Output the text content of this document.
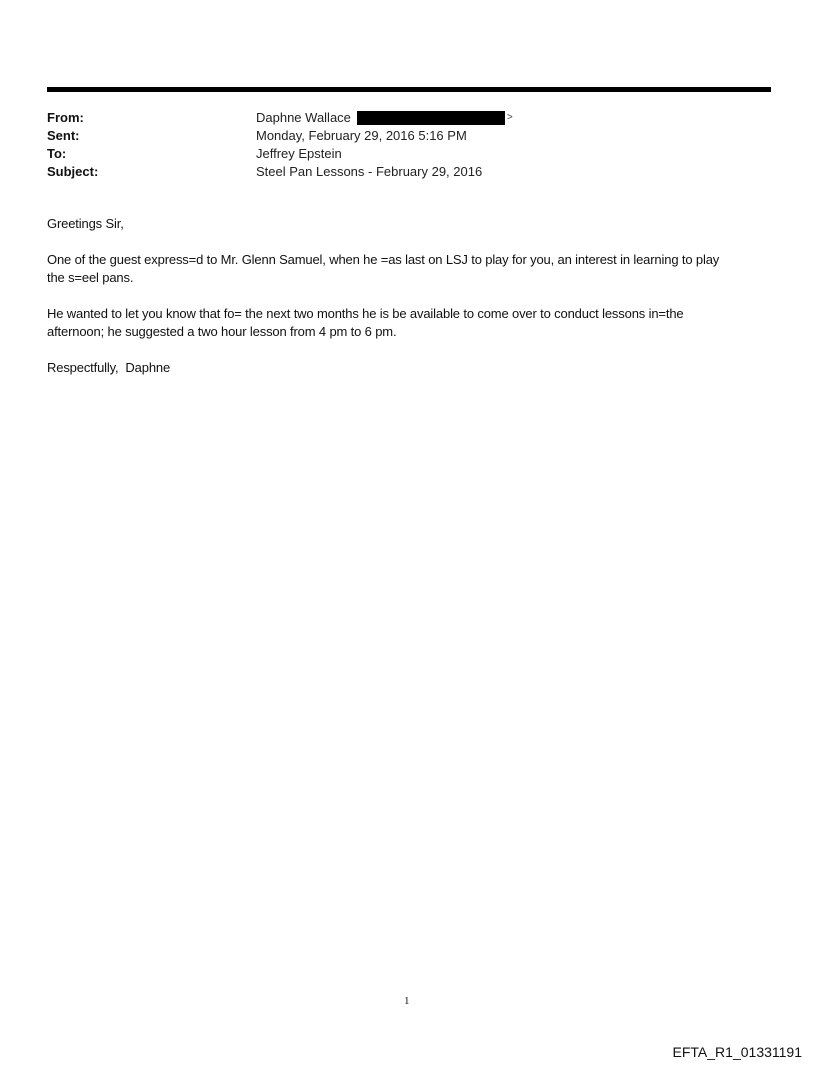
From:	Daphne Wallace	>
Sent:	Monday, February 29, 2016 5:16 PM
To:	Jeffrey Epstein
Subject:	Steel Pan Lessons - February 29, 2016
Greetings Sir,
One of the guest express=d to Mr. Glenn Samuel, when he =as last on LSJ to play for you, an interest in learning to play
the s=eel pans.
He wanted to let you know that fo= the next two months he is be available to come over to conduct lessons in=the
afternoon; he suggested a two hour lesson from 4 pm to 6 pm.
Respectfully,  Daphne
1
EFTA_R1_01331191
